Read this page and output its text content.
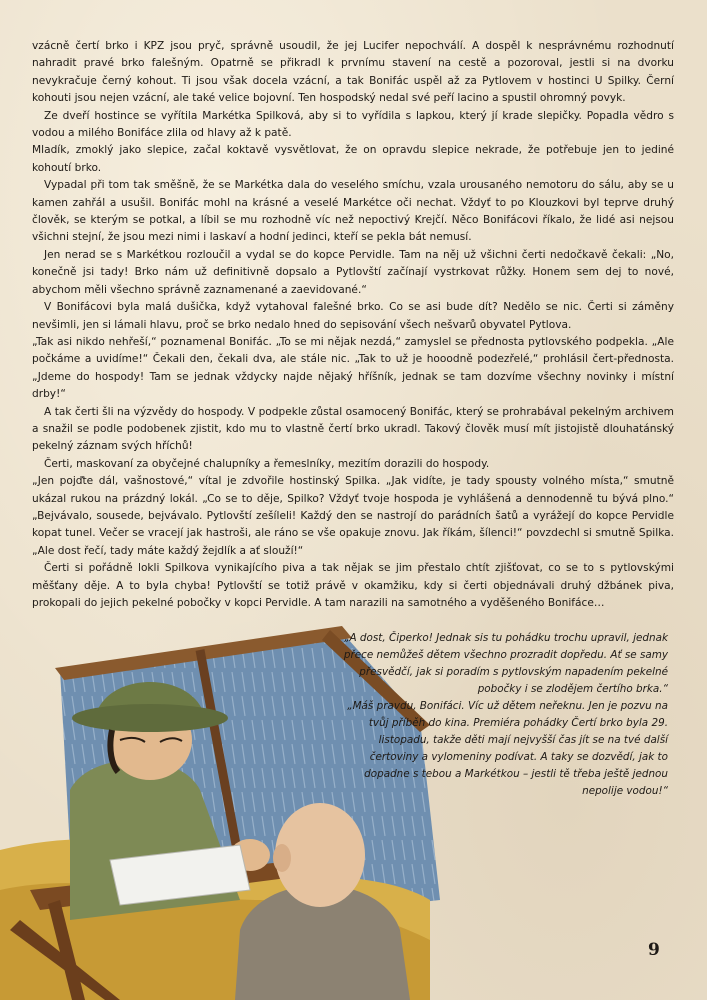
vzácně čertí brko i KPZ jsou pryč, správně usoudil, že jej Lucifer nepochválí. A dospěl k nesprávnému rozhodnutí nahradit pravé brko falešným. Opatrně se přikradl k prvnímu stavení na cestě a pozoroval, jestli si na dvorku nevykračuje černý kohout. Ti jsou však docela vzácní, a tak Bonifác uspěl až za Pytlovem v hostinci U Spilky. Černí kohouti jsou nejen vzácní, ale také velice bojovní. Ten hospodský nedal své peří lacino a spustil ohromný povyk.

Ze dveří hostince se vyřítila Markétka Spilková, aby si to vyřídila s lapkou, který jí krade slepičky. Popadla vědro s vodou a milého Bonifáce zlila od hlavy až k patě.

Mladík, zmoklý jako slepice, začal koktavě vysvětlovat, že on opravdu slepice nekrade, že potřebuje jen to jediné kohoutí brko.

Vypadal při tom tak směšně, že se Markétka dala do veselého smíchu, vzala urousaného nemotoru do sálu, aby se u kamen zahřál a usušil. Bonifác mohl na krásné a veselé Markétce oči nechat. Vždyť to po Klouzkovi byl teprve druhý člověk, se kterým se potkal, a líbil se mu rozhodně víc než nepoctivý Krejčí. Něco Bonifácovi říkalo, že lidé asi nejsou všichni stejní, že jsou mezi nimi i laskaví a hodní jedinci, kteří se pekla bát nemusí.

Jen nerad se s Markétkou rozloučil a vydal se do kopce Pervidle. Tam na něj už všichni čerti nedočkavě čekali: „No, konečně jsi tady! Brko nám už definitivně dopsalo a Pytlovští začínají vystrkovat růžky. Honem sem dej to nové, abychom měli všechno správně zaznamenané a zaevidované.“

V Bonifácovi byla malá dušička, když vytahoval falešné brko. Co se asi bude dít? Nedělo se nic. Čerti si záměny nevšimli, jen si lámali hlavu, proč se brko nedalo hned do sepisování všech nešvarů obyvatel Pytlova.

„Tak asi nikdo nehřeší,“ poznamenal Bonifác. „To se mi nějak nezdá,“ zamyslel se přednosta pytlovského podpekla. „Ale počkáme a uvidíme!“ Čekali den, čekali dva, ale stále nic. „Tak to už je hooodně podezřelé,“ prohlásil čert-přednosta. „Jdeme do hospody! Tam se jednak vždycky najde nějaký hříšník, jednak se tam dozvíme všechny novinky i místní drby!“

A tak čerti šli na výzvědy do hospody. V podpekle zůstal osamocený Bonifác, který se prohrabával pekelným archivem a snažil se podle podobenek zjistit, kdo mu to vlastně čertí brko ukradl. Takový člověk musí mít jistojistě dlouhatánský pekelný záznam svých hříchů!

Čerti, maskovaní za obyčejné chalupníky a řemeslníky, mezitím dorazili do hospody.

„Jen pojďte dál, vašnostové,“ vítal je zdvořile hostinský Spilka. „Jak vidíte, je tady spousty volného místa,“ smutně ukázal rukou na prázdný lokál. „Co se to děje, Spilko? Vždyť tvoje hospoda je vyhlášená a dennodenně tu bývá plno.“ „Bejvávalo, sousede, bejvávalo. Pytlovští zešíleli! Každý den se nastrojí do parádních šatů a vyrážejí do kopce Pervidle kopat tunel. Večer se vracejí jak hastroši, ale ráno se vše opakuje znovu. Jak říkám, šílenci!“ povzdechl si smutně Spilka. „Ale dost řečí, tady máte každý žejdlík a ať slouží!“

Čerti si pořádně lokli Spilkova vynikajícího piva a tak nějak se jim přestalo chtít zjišťovat, co se to s pytlovskými měšťany děje. A to byla chyba! Pytlovští se totiž právě v okamžiku, kdy si čerti objednávali druhý džbánek piva, prokopali do jejich pekelné pobočky v kopci Pervidle. A tam narazili na samotného a vyděšeného Bonifáce…

„A dost, Čiperko! Jednak sis tu pohádku trochu upravil, jednak přece nemůžeš dětem všechno prozradit dopředu. Ať se samy přesvědčí, jak si poradím s pytlovským napadením pekelné pobočky i se zlodějem čertího brka.“

„Máš pravdu, Bonifáci. Víc už dětem neřeknu. Jen je pozvu na tvůj příběh do kina. Premiéra pohádky Čertí brko byla 29. listopadu, takže děti mají nejvyšší čas jít se na tvé další čertoviny a vylomeniny podívat. A taky se dozvědí, jak to dopadne s tebou a Markétkou – jestli tě třeba ještě jednou nepolije vodou!“

9
